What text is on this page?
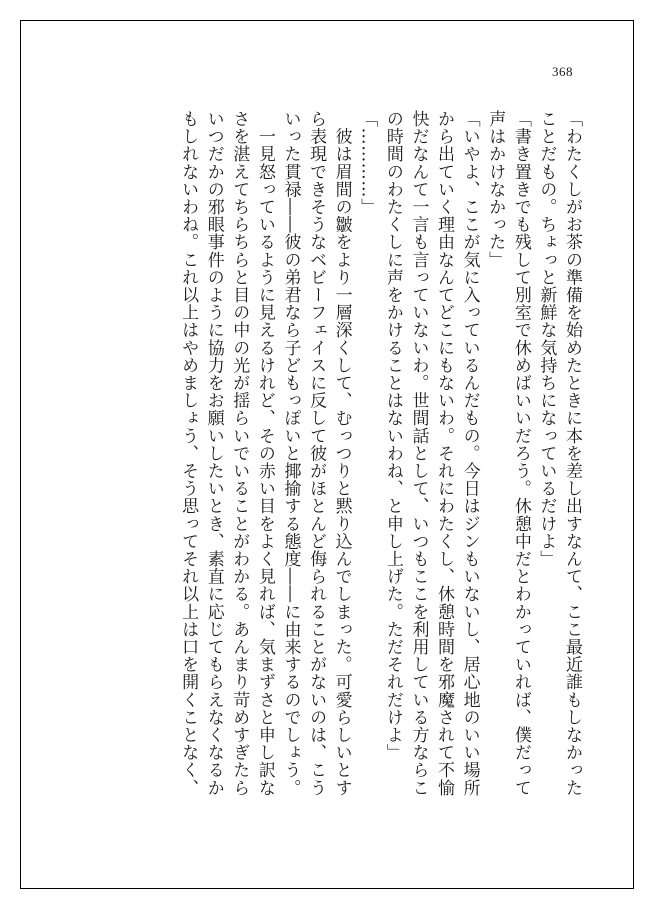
368
「わたくしがお茶の準備を始めたときに本を差し出すなんて、ここ最近誰もしなかった
ことだもの。ちょっと新鮮な気持ちになっているだけよ」
「書き置きでも残して別室で休めばいいだろう。休憩中だとわかっていれば、僕だって
声はかけなかった」
「いやよ、ここが気に入っているんだもの。今日はジンもいないし、居心地のいい場所
から出ていく理由なんてどこにもないわ。それにわたくし、休憩時間を邪魔されて不愉
快だなんて一言も言っていないわ。世間話として、いつもここを利用している方ならこ
の時間のわたくしに声をかけることはないわね、と申し上げた。ただそれだけよ」
「…………」
　彼は眉間の皺をより一層深くして、むっつりと黙り込んでしまった。可愛らしいとす
ら表現できそうなベビーフェイスに反して彼がほとんど侮られることがないのは、こう
いった貫禄――彼の弟君なら子どもっぽいと揶揄する態度――に由来するのでしょう。
　一見怒っているように見えるけれど、その赤い目をよく見れば、気まずさと申し訳な
さを湛えてちらちらと目の中の光が揺らいでいることがわかる。あんまり苛めすぎたら
いつだかの邪眼事件のように協力をお願いしたいとき、素直に応じてもらえなくなるか
もしれないわね。これ以上はやめましょう、そう思ってそれ以上は口を開くことなく、
